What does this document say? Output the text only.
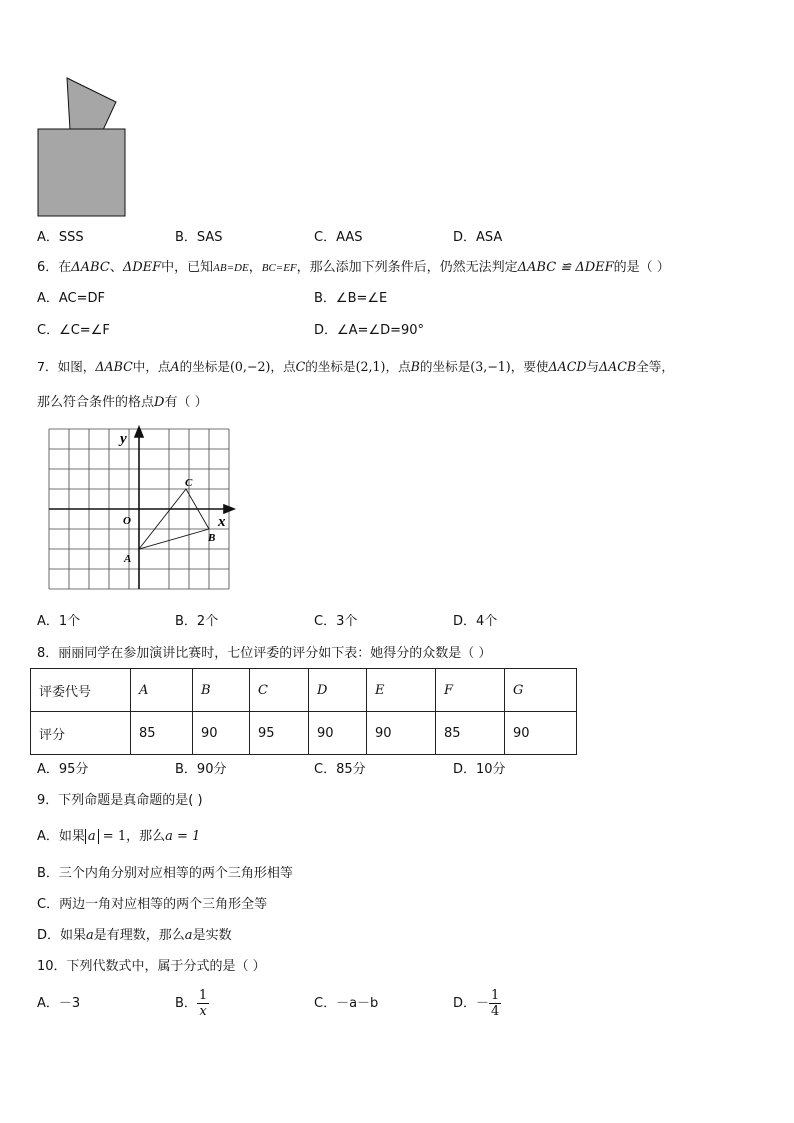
A．SSS	B．SAS	C．AAS	D．ASA
6．在ΔABC、ΔDEF中，已知AB=DE，BC=EF，那么添加下列条件后，仍然无法判定ΔABC ≌ ΔDEF的是（ ）
A．AC=DF	B．∠B=∠E
C．∠C=∠F	D．∠A=∠D=90°
7．如图，ΔABC中，点A的坐标是(0,−2)，点C的坐标是(2,1)，点B的坐标是(3,−1)，要使ΔACD与ΔACB全等，
那么符合条件的格点D有（ ）
y
x
O
A
B
C
A．1个	B．2个	C．3个	D．4个
8．丽丽同学在参加演讲比赛时，七位评委的评分如下表：她得分的众数是（ ）
评委代号	A	B	C	D	E	F	G
评分	85	90	95	90	90	85	90
A．95分	B．90分	C．85分	D．10分
9．下列命题是真命题的是( )
A．如果 a = 1，那么a = 1
B．三个内角分别对应相等的两个三角形相等
C．两边一角对应相等的两个三角形全等
D．如果a是有理数，那么a是实数
10．下列代数式中，属于分式的是（ ）
A．－3	B． $\frac{1}{x}$	C．－a－b	D．－ $\frac{1}{4}$
